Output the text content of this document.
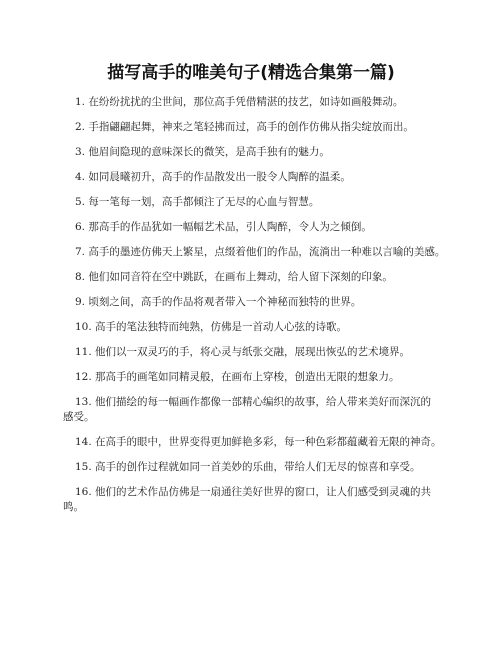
描写高手的唯美句子(精选合集第一篇)
1. 在纷纷扰扰的尘世间，那位高手凭借精湛的技艺，如诗如画般舞动。
2. 手指翩翩起舞，神来之笔轻拂而过，高手的创作仿佛从指尖绽放而出。
3. 他眉间隐现的意味深长的微笑，是高手独有的魅力。
4. 如同晨曦初升，高手的作品散发出一股令人陶醉的温柔。
5. 每一笔每一划，高手都倾注了无尽的心血与智慧。
6. 那高手的作品犹如一幅幅艺术品，引人陶醉，令人为之倾倒。
7. 高手的墨迹仿佛天上繁星，点缀着他们的作品，流淌出一种难以言喻的美感。
8. 他们如同音符在空中跳跃，在画布上舞动，给人留下深刻的印象。
9. 顷刻之间，高手的作品将观者带入一个神秘而独特的世界。
10. 高手的笔法独特而纯熟，仿佛是一首动人心弦的诗歌。
11. 他们以一双灵巧的手，将心灵与纸张交融，展现出恢弘的艺术境界。
12. 那高手的画笔如同精灵般，在画布上穿梭，创造出无限的想象力。
13. 他们描绘的每一幅画作都像一部精心编织的故事，给人带来美好而深沉的
感受。
14. 在高手的眼中，世界变得更加鲜艳多彩，每一种色彩都蕴藏着无限的神奇。
15. 高手的创作过程就如同一首美妙的乐曲，带给人们无尽的惊喜和享受。
16. 他们的艺术作品仿佛是一扇通往美好世界的窗口，让人们感受到灵魂的共
鸣。
